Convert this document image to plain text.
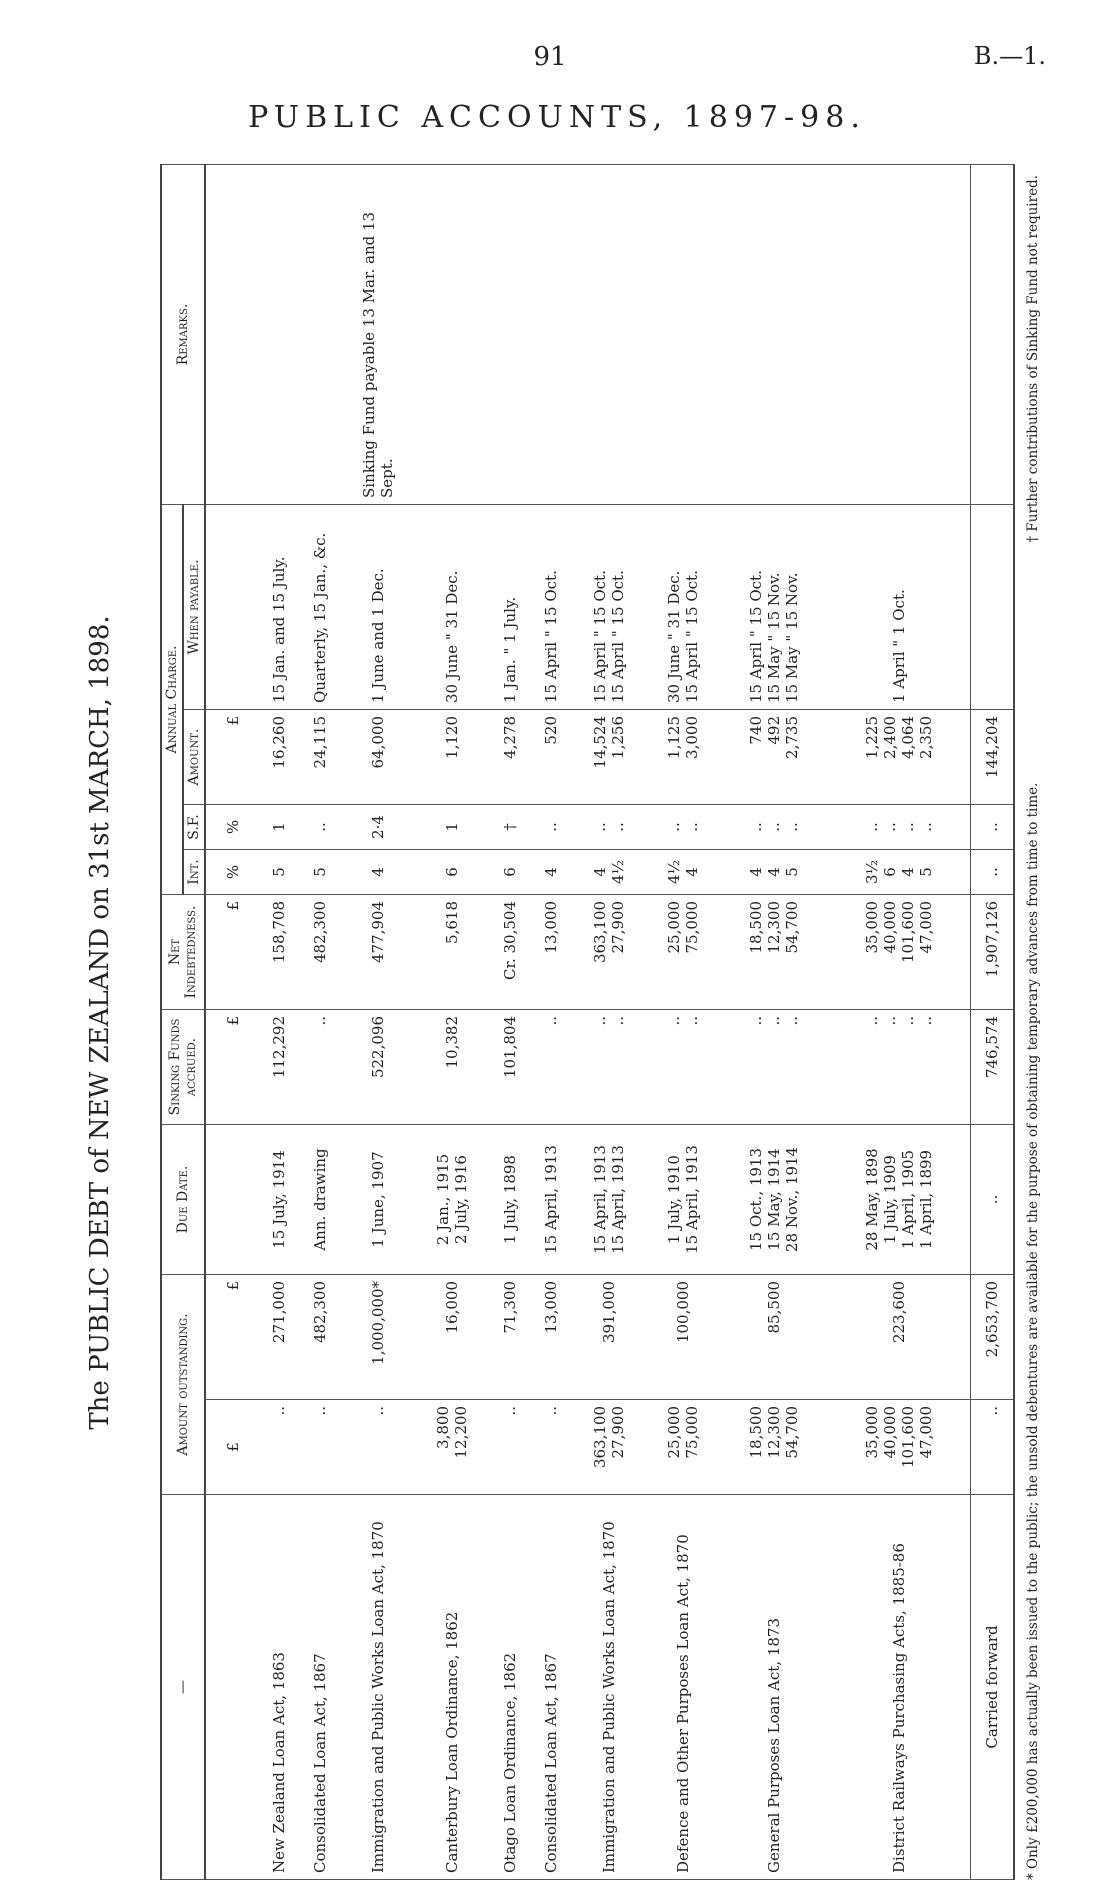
91	B.—1.
PUBLIC ACCOUNTS, 1897-98.
The PUBLIC DEBT of NEW ZEALAND on 31st MARCH, 1898.
—	Amount outstanding.		Due Date.	Sinking Funds accrued.	Net Indebtedness.	Annual Charge.				Remarks.
						Int.	S.F.	Amount.	When payable.	
	£	£		£	£	%	%	£		

New Zealand Loan Act, 1863	..	271,000	15 July, 1914	112,292	158,708	5	1	16,260	15 Jan. and 15 July.	

Consolidated Loan Act, 1867	..	482,300	Ann. drawing	..	482,300	5	..	24,115	Quarterly, 15 Jan., &c.	

Immigration and Public Works Loan Act, 1870	..	1,000,000*	1 June, 1907	522,096	477,904	4	2·4	64,000	1 June and 1 Dec.	Sinking Fund payable 13 Mar. and 13 Sept.

Canterbury Loan Ordinance, 1862	3,800 12,200	16,000	2 Jan., 1915 2 July, 1916	10,382	5,618	6	1	1,120	30 June " 31 Dec.	

Otago Loan Ordinance, 1862	..	71,300	1 July, 1898	101,804	Cr. 30,504	6	†	4,278	1 Jan. " 1 July.	

Consolidated Loan Act, 1867	..	13,000	15 April, 1913	..	13,000	4	..	520	15 April " 15 Oct.	

Immigration and Public Works Loan Act, 1870	363,100 27,900	391,000	15 April, 1913 15 April, 1913	.. ..	363,100 27,900	4 4½	.. ..	14,524 1,256	15 April " 15 Oct. 15 April " 15 Oct.	

Defence and Other Purposes Loan Act, 1870	25,000 75,000	100,000	1 July, 1910 15 April, 1913	.. ..	25,000 75,000	4½ 4	.. ..	1,125 3,000	30 June " 31 Dec. 15 April " 15 Oct.	

General Purposes Loan Act, 1873	18,500 12,300 54,700	85,500	15 Oct., 1913 15 May, 1914 28 Nov., 1914	.. .. ..	18,500 12,300 54,700	4 4 5	.. .. ..	740 492 2,735	15 April " 15 Oct. 15 May " 15 Nov. 15 May " 15 Nov.	

District Railways Purchasing Acts, 1885-86	35,000 40,000 101,600 47,000	223,600	28 May, 1898 1 July, 1909 1 April, 1905 1 April, 1899	.. .. .. ..	35,000 40,000 101,600 47,000	3½ 6 4 5	.. .. .. ..	1,225 2,400 4,064 2,350	1 April " 1 Oct.	

Carried forward	..	2,653,700	..	746,574	1,907,126	..	..	144,204		
* Only £200,000 has actually been issued to the public; the unsold debentures are available for the purpose of obtaining temporary advances from time to time.
† Further contributions of Sinking Fund not required.
